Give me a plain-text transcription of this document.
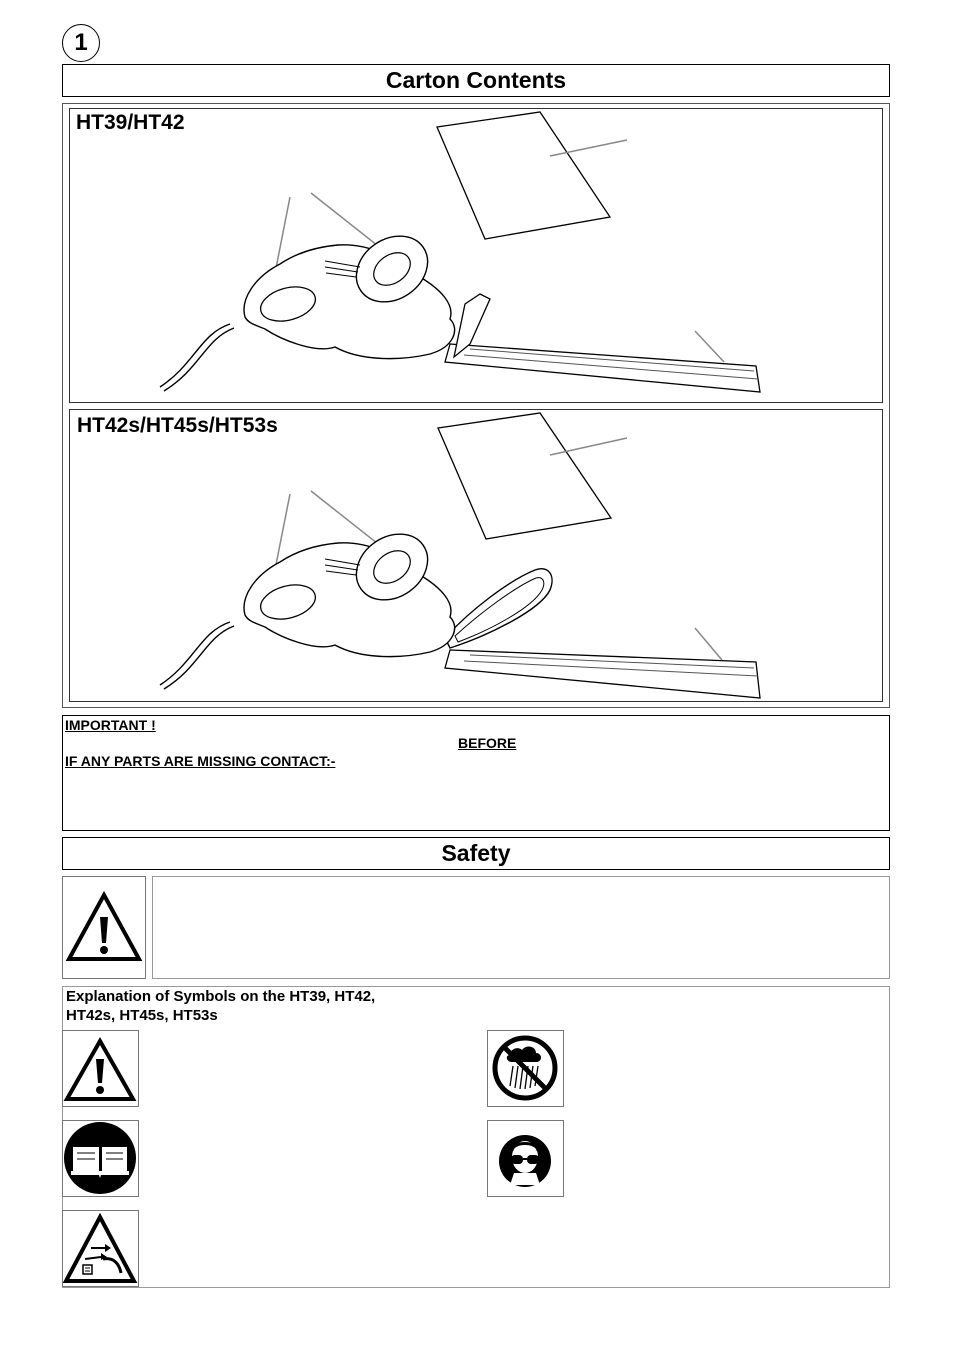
1
Carton Contents
HT39/HT42
HT42s/HT45s/HT53s
IMPORTANT !
BEFORE
IF ANY PARTS ARE MISSING CONTACT:-
Safety
Explanation of Symbols on the HT39, HT42,
HT42s, HT45s, HT53s
